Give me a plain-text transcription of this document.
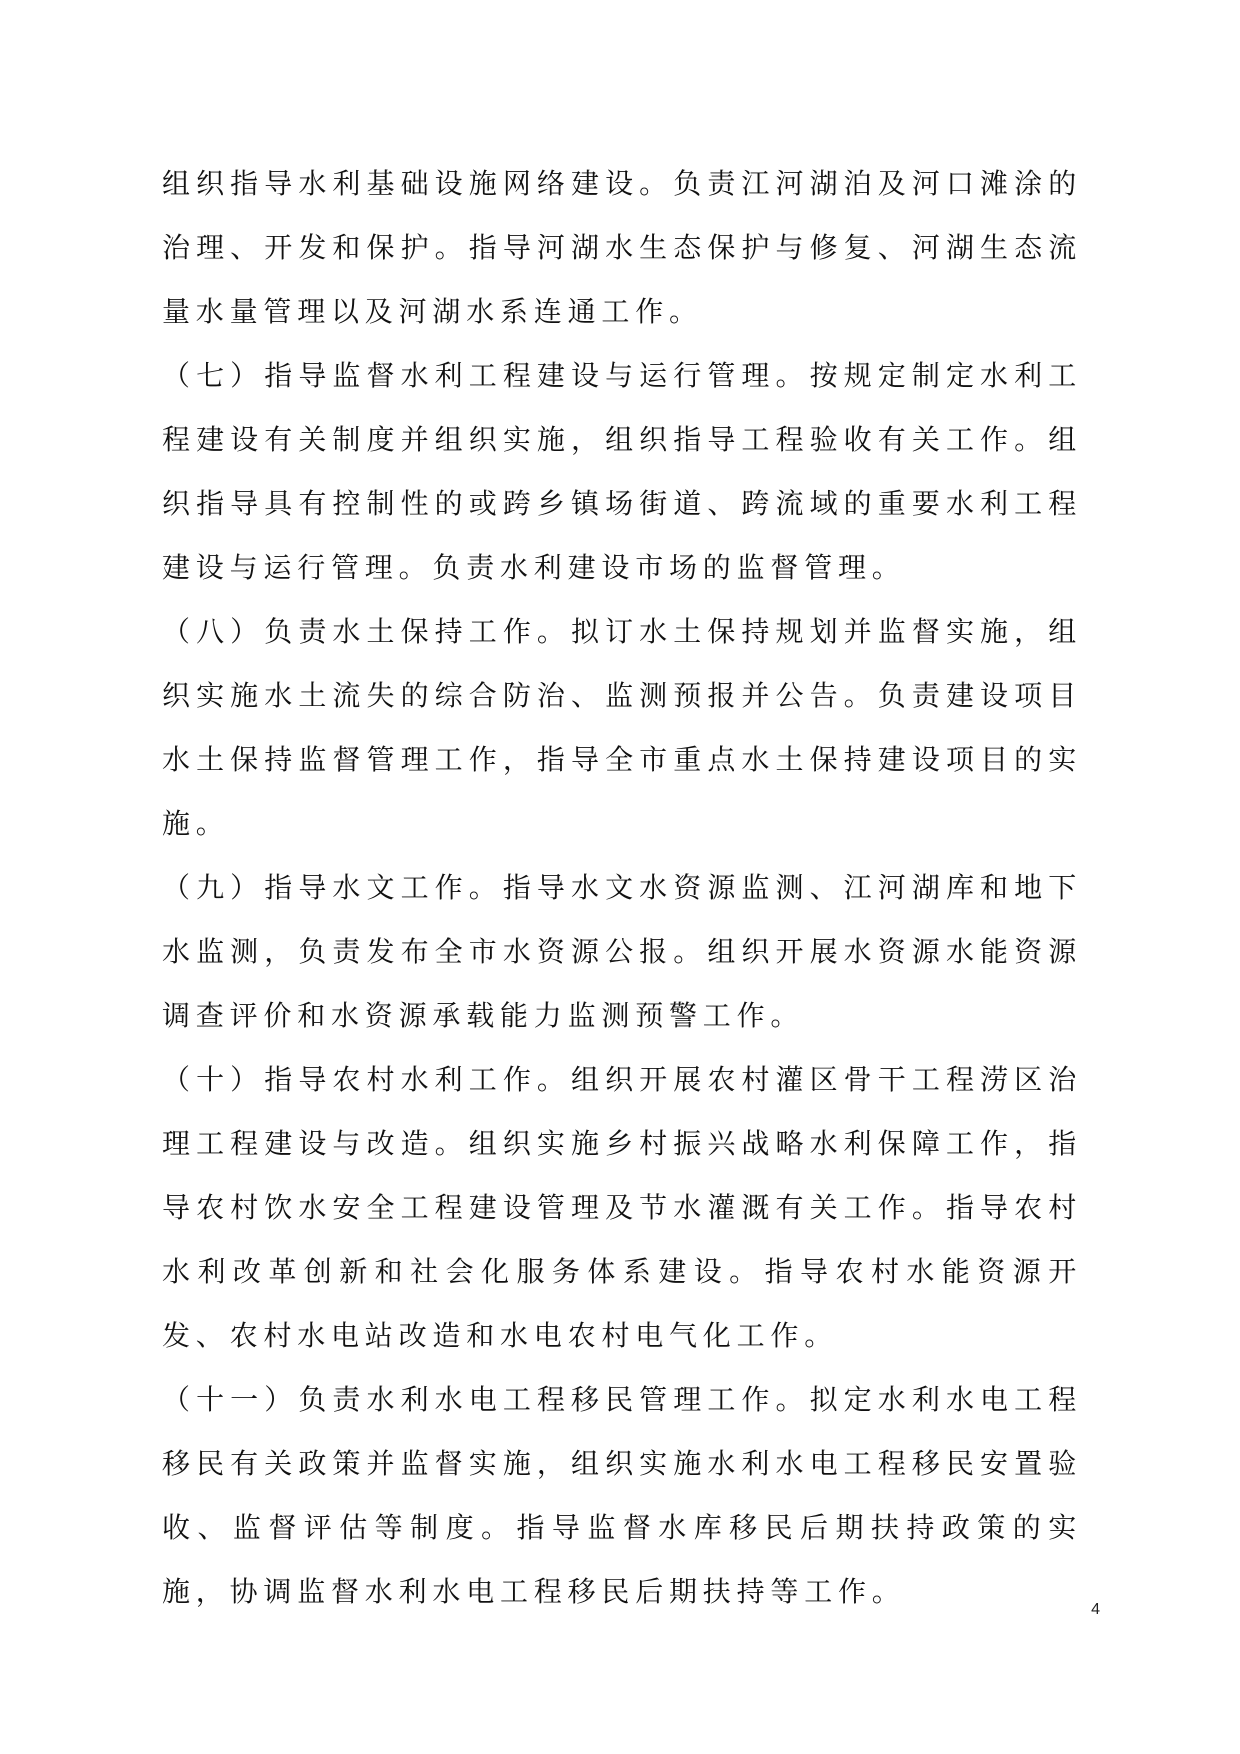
组织指导水利基础设施网络建设。负责江河湖泊及河口滩涂的治理、开发和保护。指导河湖水生态保护与修复、河湖生态流量水量管理以及河湖水系连通工作。

（七）指导监督水利工程建设与运行管理。按规定制定水利工程建设有关制度并组织实施，组织指导工程验收有关工作。组织指导具有控制性的或跨乡镇场街道、跨流域的重要水利工程建设与运行管理。负责水利建设市场的监督管理。

（八）负责水土保持工作。拟订水土保持规划并监督实施，组织实施水土流失的综合防治、监测预报并公告。负责建设项目水土保持监督管理工作，指导全市重点水土保持建设项目的实施。

（九）指导水文工作。指导水文水资源监测、江河湖库和地下水监测，负责发布全市水资源公报。组织开展水资源水能资源调查评价和水资源承载能力监测预警工作。

（十）指导农村水利工作。组织开展农村灌区骨干工程涝区治理工程建设与改造。组织实施乡村振兴战略水利保障工作，指导农村饮水安全工程建设管理及节水灌溉有关工作。指导农村水利改革创新和社会化服务体系建设。指导农村水能资源开发、农村水电站改造和水电农村电气化工作。

（十一）负责水利水电工程移民管理工作。拟定水利水电工程移民有关政策并监督实施，组织实施水利水电工程移民安置验收、监督评估等制度。指导监督水库移民后期扶持政策的实施，协调监督水利水电工程移民后期扶持等工作。

4
